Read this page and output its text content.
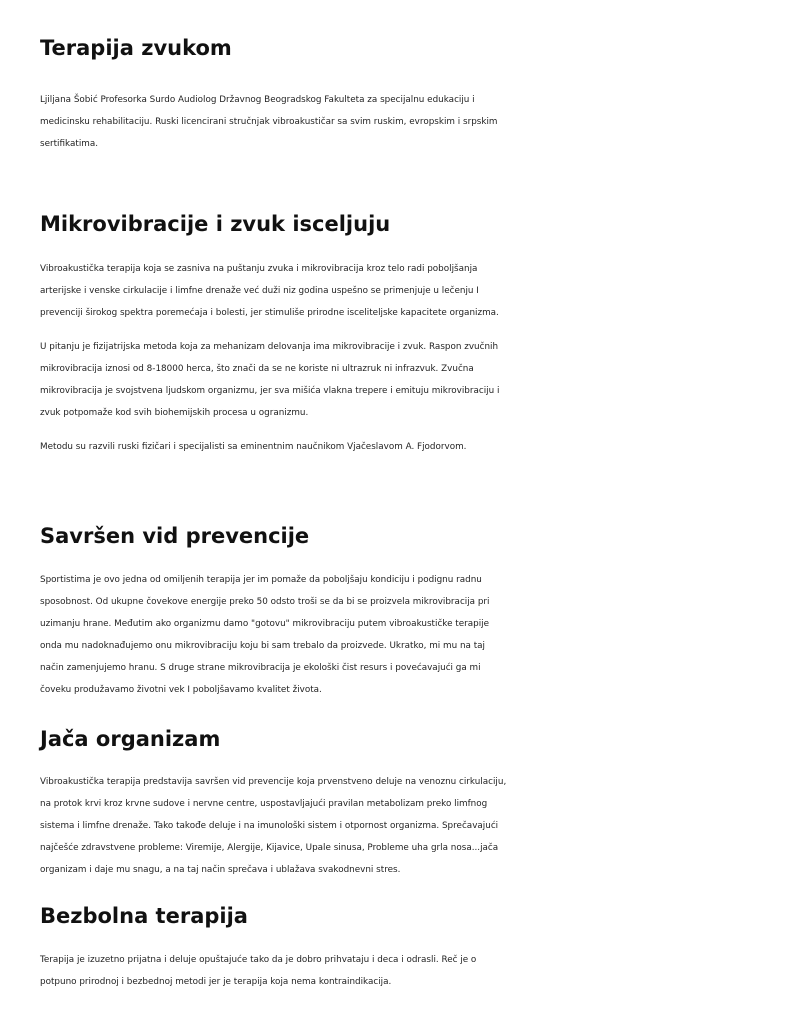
Terapija zvukom

Ljiljana Šobić Profesorka Surdo Audiolog Državnog Beogradskog Fakulteta za specijalnu edukaciju i
medicinsku rehabilitaciju. Ruski licencirani stručnjak vibroakustičar sa svim ruskim, evropskim i srpskim
sertifikatima.

Mikrovibracije i zvuk isceljuju

Vibroakustička terapija koja se zasniva na puštanju zvuka i mikrovibracija kroz telo radi poboljšanja
arterijske i venske cirkulacije i limfne drenaže već duži niz godina uspešno se primenjuje u lečenju I
prevenciji širokog spektra poremećaja i bolesti, jer stimuliše prirodne isceliteljske kapacitete organizma.

U pitanju je fizijatrijska metoda koja za mehanizam delovanja ima mikrovibracije i zvuk. Raspon zvučnih
mikrovibracija iznosi od 8-18000 herca, što znači da se ne koriste ni ultrazruk ni infrazvuk. Zvučna
mikrovibracija je svojstvena ljudskom organizmu, jer sva mišića vlakna trepere i emituju mikrovibraciju i
zvuk potpomaže kod svih biohemijskih procesa u ogranizmu.

Metodu su razvili ruski fizičari i specijalisti sa eminentnim naučnikom Vjačeslavom A. Fjodorvom.

Savršen vid prevencije

Sportistima je ovo jedna od omiljenih terapija jer im pomaže da poboljšaju kondiciju i podignu radnu
sposobnost. Od ukupne čovekove energije preko 50 odsto troši se da bi se proizvela mikrovibracija pri
uzimanju hrane. Međutim ako organizmu damo "gotovu" mikrovibraciju putem vibroakustičke terapije
onda mu nadoknađujemo onu mikrovibraciju koju bi sam trebalo da proizvede. Ukratko, mi mu na taj
način zamenjujemo hranu. S druge strane mikrovibracija je ekološki čist resurs i povećavajući ga mi
čoveku produžavamo životni vek I poboljšavamo kvalitet života.

Jača organizam

Vibroakustička terapija predstavija savršen vid prevencije koja prvenstveno deluje na venoznu cirkulaciju,
na protok krvi kroz krvne sudove i nervne centre, uspostavljajući pravilan metabolizam preko limfnog
sistema i limfne drenaže. Tako takođe deluje i na imunološki sistem i otpornost organizma. Sprečavajući
najčešće zdravstvene probleme: Viremije, Alergije, Kijavice, Upale sinusa, Probleme uha grla nosa...jača
organizam i daje mu snagu, a na taj način sprečava i ublažava svakodnevni stres.

Bezbolna terapija

Terapija je izuzetno prijatna i deluje opuštajuće tako da je dobro prihvataju i deca i odrasli. Reč je o
potpuno prirodnoj i bezbednoj metodi jer je terapija koja nema kontraindikacija.
